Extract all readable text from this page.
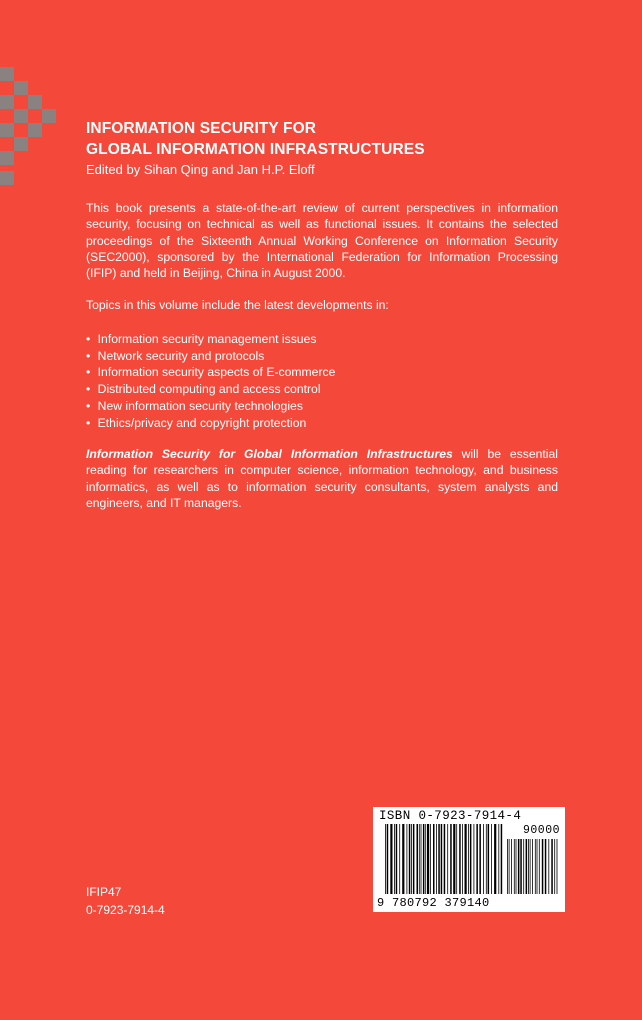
INFORMATION SECURITY FOR
GLOBAL INFORMATION INFRASTRUCTURES
Edited by Sihan Qing and Jan H.P. Eloff
This book presents a state-of-the-art review of current perspectives in information security, focusing on technical as well as functional issues. It contains the selected proceedings of the Sixteenth Annual Working Conference on Information Security (SEC2000), sponsored by the International Federation for Information Processing (IFIP) and held in Beijing, China in August 2000.
Topics in this volume include the latest developments in:
• Information security management issues
• Network security and protocols
• Information security aspects of E-commerce
• Distributed computing and access control
• New information security technologies
• Ethics/privacy and copyright protection
Information Security for Global Information Infrastructures will be essential reading for researchers in computer science, information technology, and business informatics, as well as to information security consultants, system analysts and engineers, and IT managers.
IFIP47
0-7923-7914-4
ISBN 0-7923-7914-4
90000
9 780792 379140
